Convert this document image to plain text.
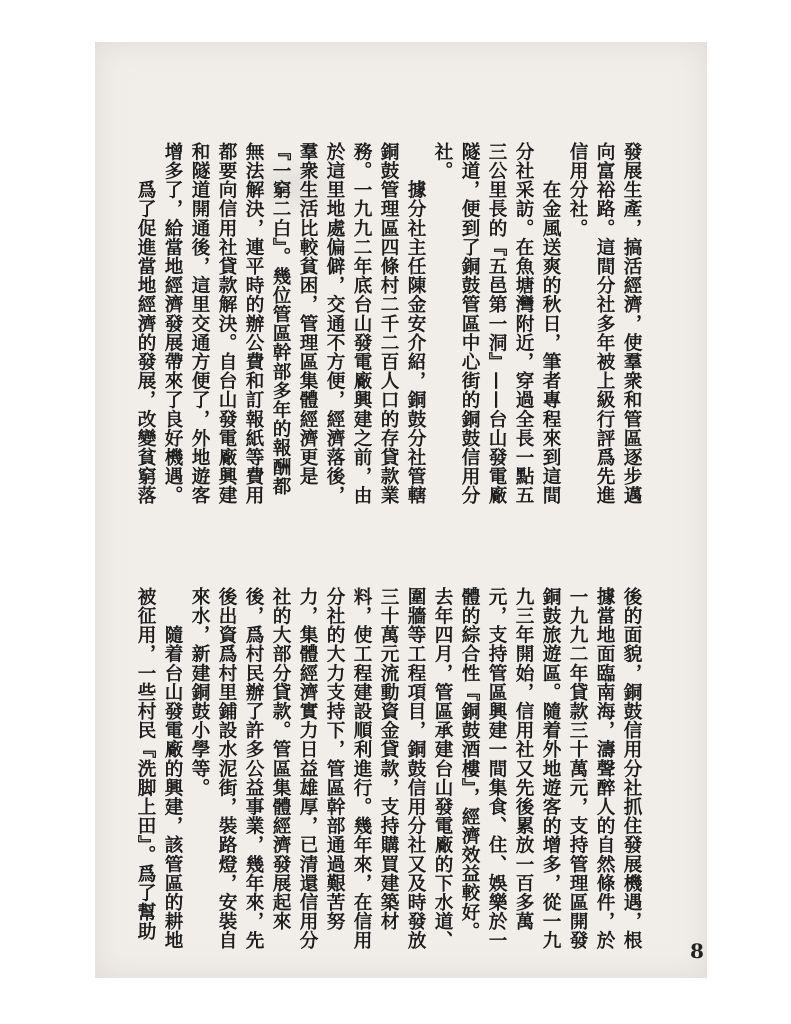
發展生產，搞活經濟，使羣衆和管區逐步邁

向富裕路。這間分社多年被上級行評爲先進

信用分社。

　　在金風送爽的秋日，筆者專程來到這間

分社采訪。在魚塘灣附近，穿過全長一點五

三公里長的『五邑第一洞』——台山發電廠

隧道，便到了銅鼓管區中心街的銅鼓信用分

社。

　　據分社主任陳金安介紹，銅鼓分社管轄

銅鼓管理區四條村二千二百人口的存貸款業

務。一九九二年底台山發電廠興建之前，由

於這里地處偏僻，交通不方便，經濟落後，

羣衆生活比較貧困，管理區集體經濟更是

『一窮二白』。幾位管區幹部多年的報酬都

無法解決，連平時的辦公費和訂報紙等費用

都要向信用社貸款解決。自台山發電廠興建

和隧道開通後，這里交通方便了，外地遊客

增多了，給當地經濟發展帶來了良好機遇。

　　爲了促進當地經濟的發展，改變貧窮落

後的面貌，銅鼓信用分社抓住發展機遇，根

據當地面臨南海，濤聲醉人的自然條件，於

一九九二年貸款三十萬元，支持管理區開發

銅鼓旅遊區。隨着外地遊客的增多，從一九

九三年開始，信用社又先後累放一百多萬

元，支持管區興建一間集食、住、娛樂於一

體的綜合性『銅鼓酒樓』，經濟效益較好。

去年四月，管區承建台山發電廠的下水道、

圍牆等工程項目，銅鼓信用分社又及時發放

三十萬元流動資金貸款，支持購買建築材

料，使工程建設順利進行。幾年來，在信用

分社的大力支持下，管區幹部通過艱苦努

力，集體經濟實力日益雄厚，已清還信用分

社的大部分貸款。管區集體經濟發展起來

後，爲村民辦了許多公益事業，幾年來，先

後出資爲村里鋪設水泥街，裝路燈，安裝自

來水，新建銅鼓小學等。

　　隨着台山發電廠的興建，該管區的耕地

被征用，一些村民『洗脚上田』。爲了幫助

8
